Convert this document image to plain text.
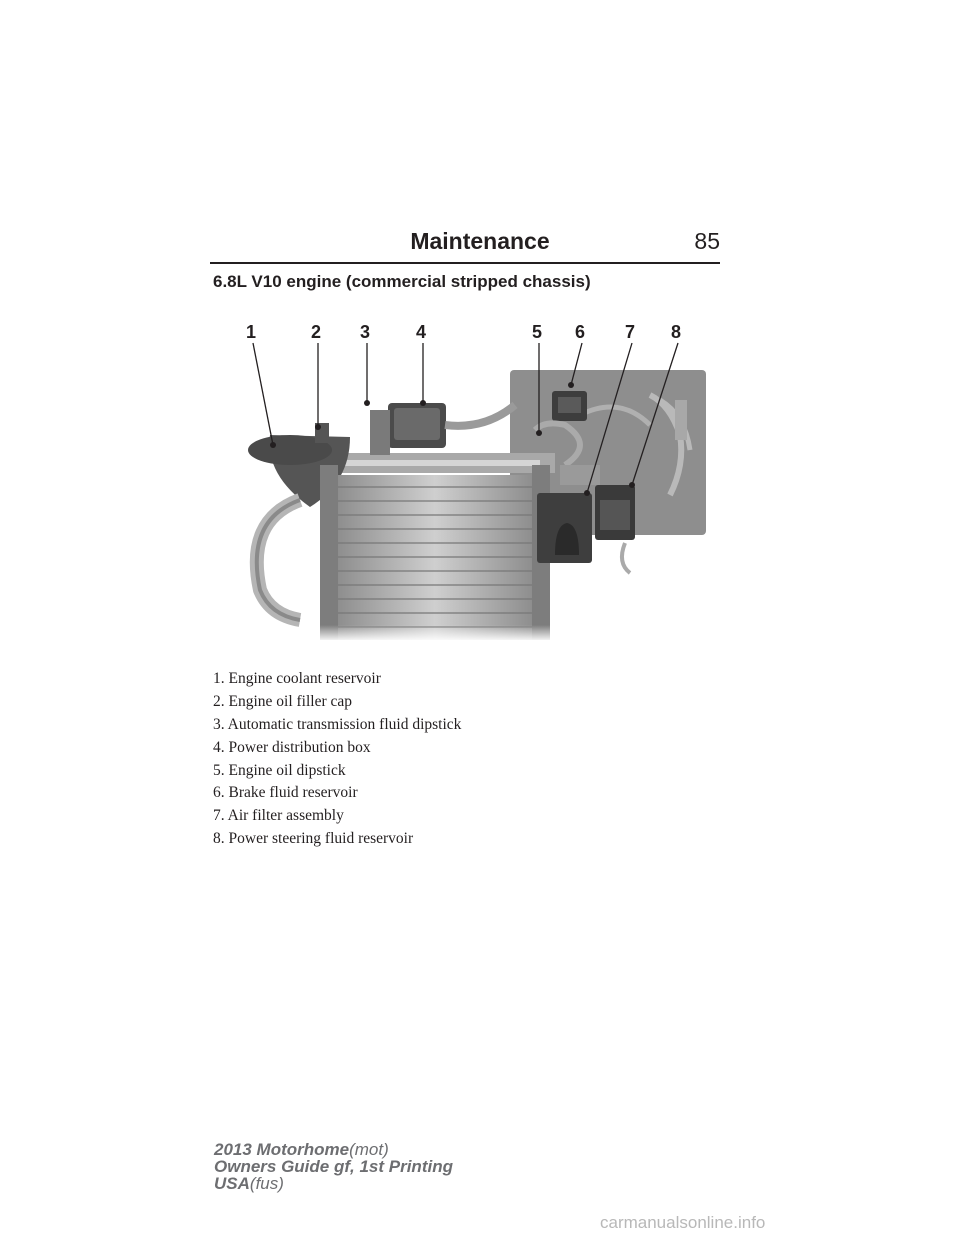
Maintenance	85
6.8L V10 engine (commercial stripped chassis)
1	2 3	4	5 6 7 8
1. Engine coolant reservoir
2. Engine oil filler cap
3. Automatic transmission fluid dipstick
4. Power distribution box
5. Engine oil dipstick
6. Brake fluid reservoir
7. Air filter assembly
8. Power steering fluid reservoir
2013 Motorhome(mot)
Owners Guide gf, 1st Printing
USA(fus)
carmanualsonline.info
